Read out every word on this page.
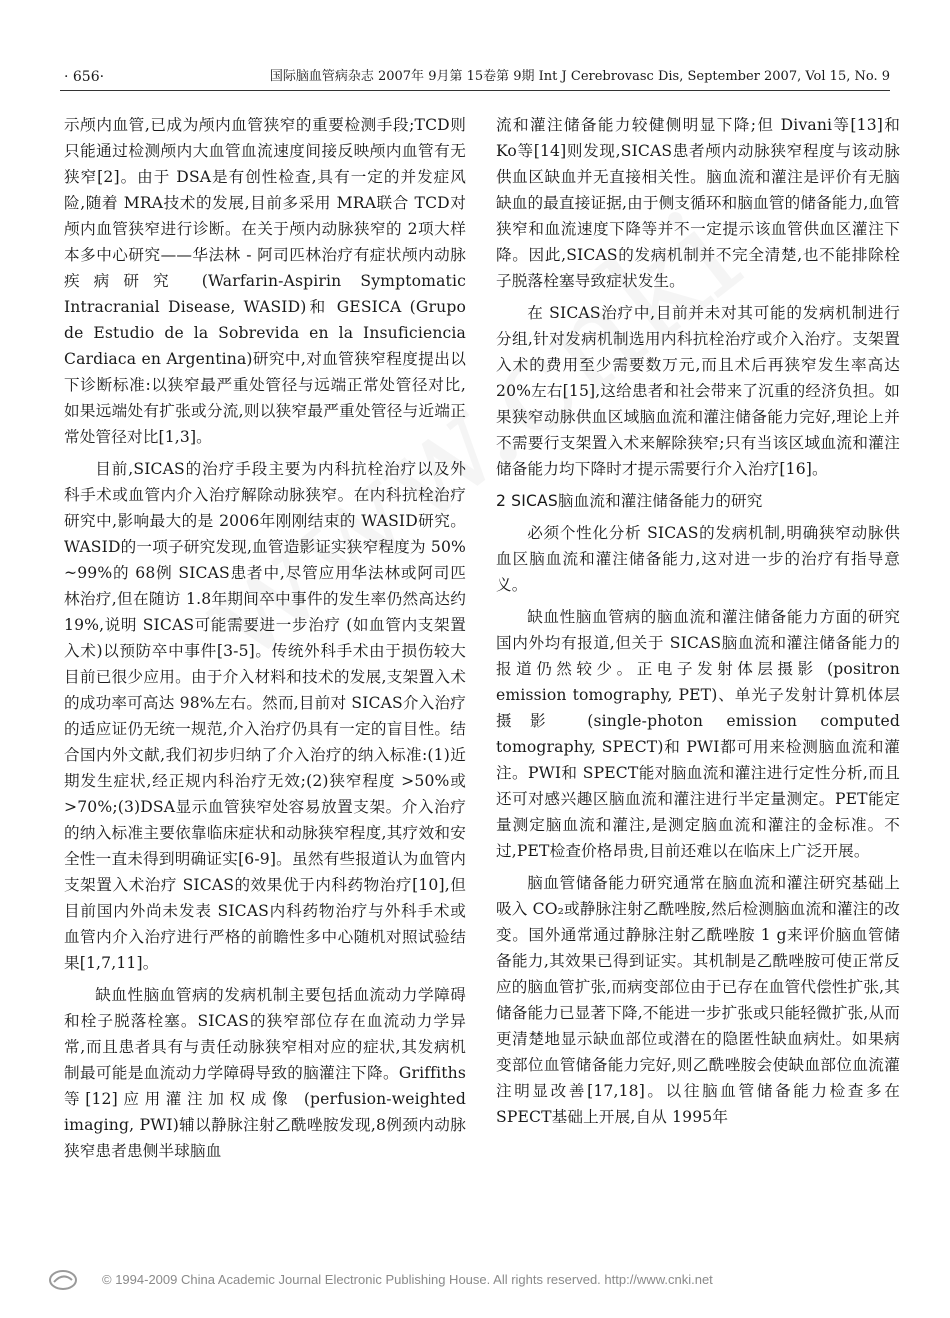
· 656·	国际脑血管病杂志 2007年 9月第 15卷第 9期 Int J Cerebrovasc Dis, September 2007, Vol 15, No. 9

示颅内血管,已成为颅内血管狭窄的重要检测手段;TCD则只能通过检测颅内大血管血流速度间接反映颅内血管有无狭窄[2]。由于 DSA是有创性检查,具有一定的并发症风险,随着 MRA技术的发展,目前多采用 MRA联合 TCD对颅内血管狭窄进行诊断。在关于颅内动脉狭窄的 2项大样本多中心研究——华法林 - 阿司匹林治疗有症状颅内动脉疾病研究 (Warfarin-Aspirin Symptomatic Intracranial Disease, WASID)和 GESICA (Grupo de Estudio de la Sobrevida en la Insuficiencia Cardiaca en Argentina)研究中,对血管狭窄程度提出以下诊断标准:以狭窄最严重处管径与远端正常处管径对比,如果远端处有扩张或分流,则以狭窄最严重处管径与近端正常处管径对比[1,3]。

目前,SICAS的治疗手段主要为内科抗栓治疗以及外科手术或血管内介入治疗解除动脉狭窄。在内科抗栓治疗研究中,影响最大的是 2006年刚刚结束的 WASID研究。WASID的一项子研究发现,血管造影证实狭窄程度为 50% ~99%的 68例 SICAS患者中,尽管应用华法林或阿司匹林治疗,但在随访 1.8年期间卒中事件的发生率仍然高达约 19%,说明 SICAS可能需要进一步治疗 (如血管内支架置入术)以预防卒中事件[3-5]。传统外科手术由于损伤较大目前已很少应用。由于介入材料和技术的发展,支架置入术的成功率可高达 98%左右。然而,目前对 SICAS介入治疗的适应证仍无统一规范,介入治疗仍具有一定的盲目性。结合国内外文献,我们初步归纳了介入治疗的纳入标准:(1)近期发生症状,经正规内科治疗无效;(2)狭窄程度 >50%或 >70%;(3)DSA显示血管狭窄处容易放置支架。介入治疗的纳入标准主要依靠临床症状和动脉狭窄程度,其疗效和安全性一直未得到明确证实[6-9]。虽然有些报道认为血管内支架置入术治疗 SICAS的效果优于内科药物治疗[10],但目前国内外尚未发表 SICAS内科药物治疗与外科手术或血管内介入治疗进行严格的前瞻性多中心随机对照试验结果[1,7,11]。

缺血性脑血管病的发病机制主要包括血流动力学障碍和栓子脱落栓塞。SICAS的狭窄部位存在血流动力学异常,而且患者具有与责任动脉狭窄相对应的症状,其发病机制最可能是血流动力学障碍导致的脑灌注下降。Griffiths等[12]应用灌注加权成像 (perfusion-weighted imaging, PWI)辅以静脉注射乙酰唑胺发现,8例颈内动脉狭窄患者患侧半球脑血

流和灌注储备能力较健侧明显下降;但 Divani等[13]和 Ko等[14]则发现,SICAS患者颅内动脉狭窄程度与该动脉供血区缺血并无直接相关性。脑血流和灌注是评价有无脑缺血的最直接证据,由于侧支循环和脑血管的储备能力,血管狭窄和血流速度下降等并不一定提示该血管供血区灌注下降。因此,SICAS的发病机制并不完全清楚,也不能排除栓子脱落栓塞导致症状发生。

在 SICAS治疗中,目前并未对其可能的发病机制进行分组,针对发病机制选用内科抗栓治疗或介入治疗。支架置入术的费用至少需要数万元,而且术后再狭窄发生率高达 20%左右[15],这给患者和社会带来了沉重的经济负担。如果狭窄动脉供血区域脑血流和灌注储备能力完好,理论上并不需要行支架置入术来解除狭窄;只有当该区域血流和灌注储备能力均下降时才提示需要行介入治疗[16]。

2 SICAS脑血流和灌注储备能力的研究

必须个性化分析 SICAS的发病机制,明确狭窄动脉供血区脑血流和灌注储备能力,这对进一步的治疗有指导意义。

缺血性脑血管病的脑血流和灌注储备能力方面的研究国内外均有报道,但关于 SICAS脑血流和灌注储备能力的报道仍然较少。正电子发射体层摄影 (positron emission tomography, PET)、单光子发射计算机体层摄影 (single-photon emission computed tomography, SPECT)和 PWI都可用来检测脑血流和灌注。PWI和 SPECT能对脑血流和灌注进行定性分析,而且还可对感兴趣区脑血流和灌注进行半定量测定。PET能定量测定脑血流和灌注,是测定脑血流和灌注的金标准。不过,PET检查价格昂贵,目前还难以在临床上广泛开展。

脑血管储备能力研究通常在脑血流和灌注研究基础上吸入 CO₂或静脉注射乙酰唑胺,然后检测脑血流和灌注的改变。国外通常通过静脉注射乙酰唑胺 1 g来评价脑血管储备能力,其效果已得到证实。其机制是乙酰唑胺可使正常反应的脑血管扩张,而病变部位由于已存在血管代偿性扩张,其储备能力已显著下降,不能进一步扩张或只能轻微扩张,从而更清楚地显示缺血部位或潜在的隐匿性缺血病灶。如果病变部位血管储备能力完好,则乙酰唑胺会使缺血部位血流灌注明显改善[17,18]。以往脑血管储备能力检查多在 SPECT基础上开展,自从 1995年

© 1994-2009 China Academic Journal Electronic Publishing House. All rights reserved. http://www.cnki.net
